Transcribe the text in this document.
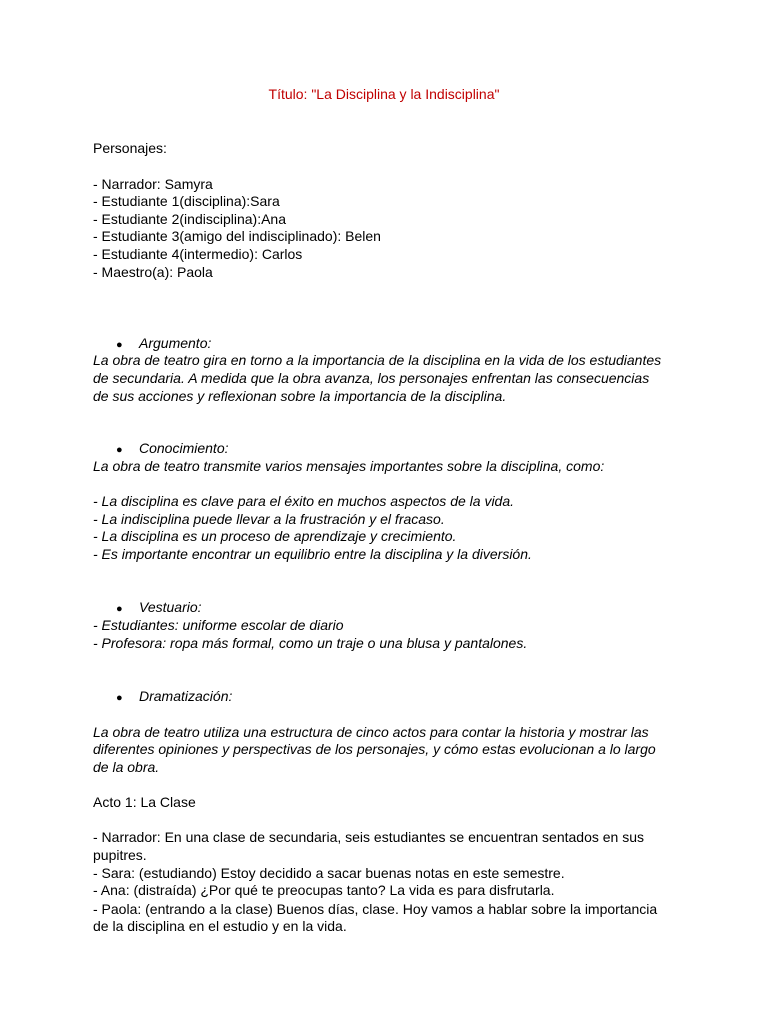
Título: "La Disciplina y la Indisciplina"
Personajes:
- Narrador: Samyra
- Estudiante 1(disciplina):Sara
- Estudiante 2(indisciplina):Ana
- Estudiante 3(amigo del indisciplinado): Belen
- Estudiante 4(intermedio): Carlos
- Maestro(a): Paola
● Argumento:
La obra de teatro gira en torno a la importancia de la disciplina en la vida de los estudiantes
de secundaria. A medida que la obra avanza, los personajes enfrentan las consecuencias
de sus acciones y reflexionan sobre la importancia de la disciplina.
● Conocimiento:
La obra de teatro transmite varios mensajes importantes sobre la disciplina, como:
- La disciplina es clave para el éxito en muchos aspectos de la vida.
- La indisciplina puede llevar a la frustración y el fracaso.
- La disciplina es un proceso de aprendizaje y crecimiento.
- Es importante encontrar un equilibrio entre la disciplina y la diversión.
● Vestuario:
- Estudiantes: uniforme escolar de diario
- Profesora: ropa más formal, como un traje o una blusa y pantalones.
● Dramatización:
La obra de teatro utiliza una estructura de cinco actos para contar la historia y mostrar las
diferentes opiniones y perspectivas de los personajes, y cómo estas evolucionan a lo largo
de la obra.
Acto 1: La Clase
- Narrador: En una clase de secundaria, seis estudiantes se encuentran sentados en sus
pupitres.
- Sara: (estudiando) Estoy decidido a sacar buenas notas en este semestre.
- Ana: (distraída) ¿Por qué te preocupas tanto? La vida es para disfrutarla.
- Paola: (entrando a la clase) Buenos días, clase. Hoy vamos a hablar sobre la importancia
de la disciplina en el estudio y en la vida.
